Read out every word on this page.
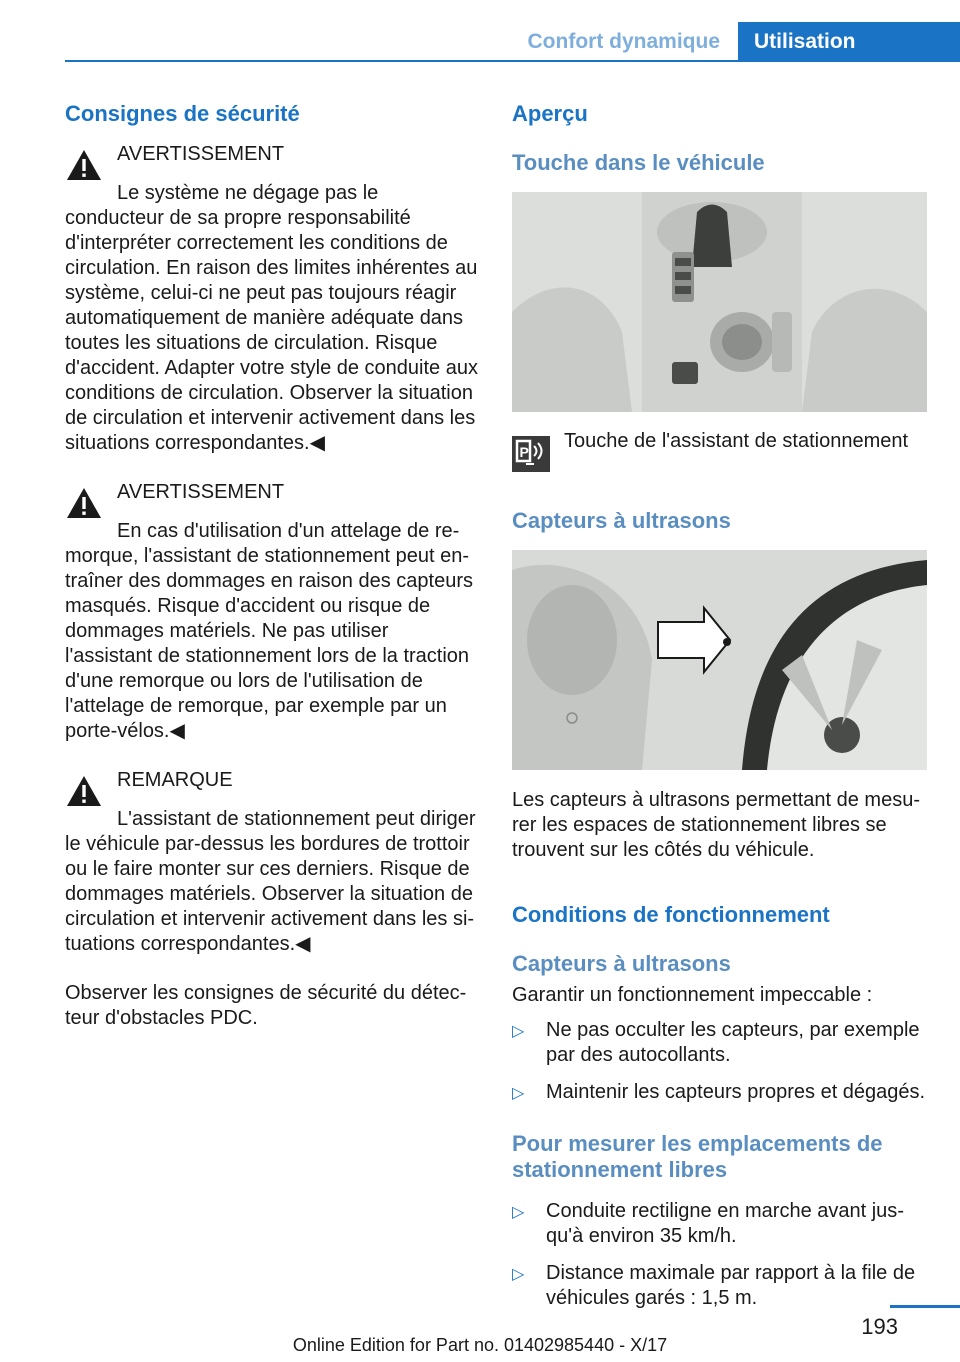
Confort dynamique	Utilisation
Consignes de sécurité
AVERTISSEMENT

Le système ne dégage pas le conducteur de sa propre responsabilité d'interpréter correctement les conditions de circulation. En raison des limites inhérentes au système, celui-ci ne peut pas toujours réagir automatiquement de manière adéquate dans toutes les situations de circulation. Risque d'accident. Adapter votre style de conduite aux conditions de circulation. Observer la situation de circulation et intervenir activement dans les situations correspondantes.◀

AVERTISSEMENT

En cas d'utilisation d'un attelage de remorque, l'assistant de stationnement peut entraîner des dommages en raison des capteurs masqués. Risque d'accident ou risque de dommages matériels. Ne pas utiliser l'assistant de stationnement lors de la traction d'une remorque ou lors de l'utilisation de l'attelage de remorque, par exemple par un porte-vélos.◀

REMARQUE

L'assistant de stationnement peut diriger le véhicule par-dessus les bordures de trottoir ou le faire monter sur ces derniers. Risque de dommages matériels. Observer la situation de circulation et intervenir activement dans les situations correspondantes.◀

Observer les consignes de sécurité du détecteur d'obstacles PDC.

Aperçu
Touche dans le véhicule
P Touche de l'assistant de stationnement

Capteurs à ultrasons

Les capteurs à ultrasons permettant de mesurer les espaces de stationnement libres se trouvent sur les côtés du véhicule.

Conditions de fonctionnement
Capteurs à ultrasons

Garantir un fonctionnement impeccable :

▷ Ne pas occulter les capteurs, par exemple par des autocollants.
▷ Maintenir les capteurs propres et dégagés.
Pour mesurer les emplacements de stationnement libres
▷ Conduite rectiligne en marche avant jusqu'à environ 35 km/h.
▷ Distance maximale par rapport à la file de véhicules garés : 1,5 m.
193
Online Edition for Part no. 01402985440 - X/17
